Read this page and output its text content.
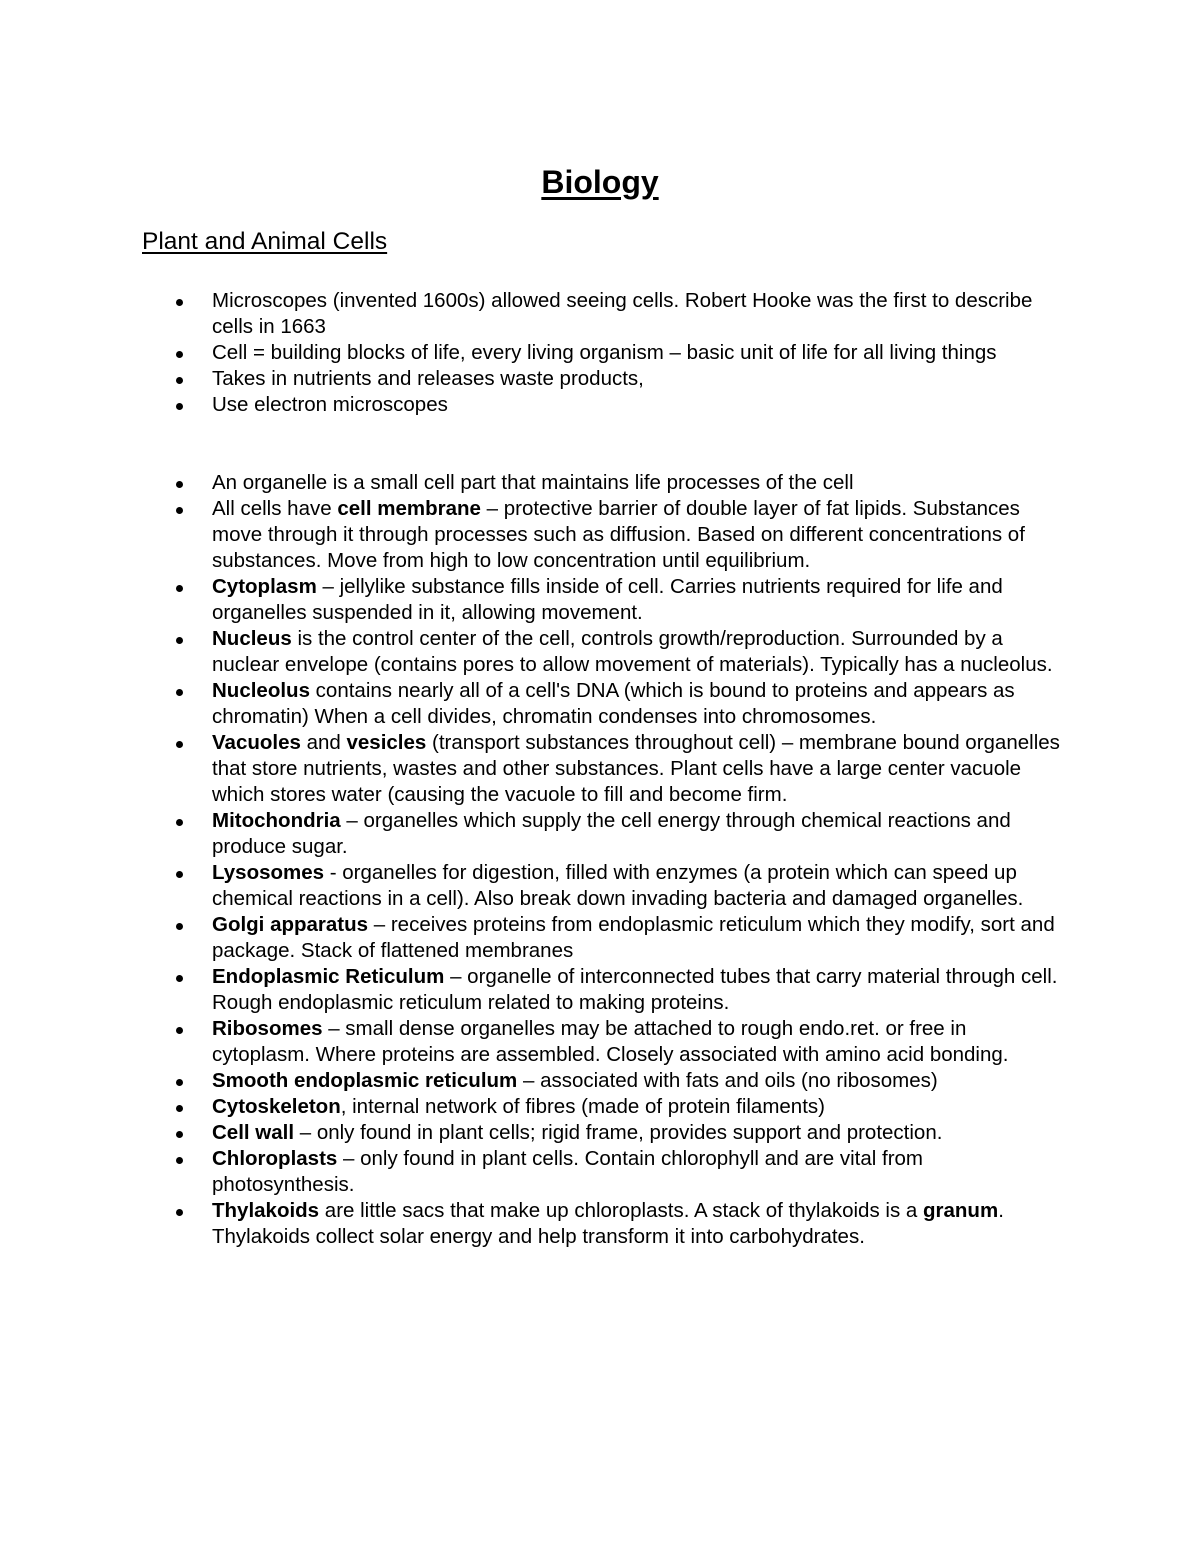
Biology
Plant and Animal Cells
Microscopes (invented 1600s) allowed seeing cells. Robert Hooke was the first to describe cells in 1663
Cell = building blocks of life, every living organism – basic unit of life for all living things
Takes in nutrients and releases waste products,
Use electron microscopes
An organelle is a small cell part that maintains life processes of the cell
All cells have cell membrane – protective barrier of double layer of fat lipids. Substances move through it through processes such as diffusion. Based on different concentrations of substances. Move from high to low concentration until equilibrium.
Cytoplasm – jellylike substance fills inside of cell. Carries nutrients required for life and organelles suspended in it, allowing movement.
Nucleus is the control center of the cell, controls growth/reproduction. Surrounded by a nuclear envelope (contains pores to allow movement of materials). Typically has a nucleolus.
Nucleolus contains nearly all of a cell's DNA (which is bound to proteins and appears as chromatin) When a cell divides, chromatin condenses into chromosomes.
Vacuoles and vesicles (transport substances throughout cell) – membrane bound organelles that store nutrients, wastes and other substances. Plant cells have a large center vacuole which stores water (causing the vacuole to fill and become firm.
Mitochondria – organelles which supply the cell energy through chemical reactions and produce sugar.
Lysosomes - organelles for digestion, filled with enzymes (a protein which can speed up chemical reactions in a cell). Also break down invading bacteria and damaged organelles.
Golgi apparatus – receives proteins from endoplasmic reticulum which they modify, sort and package. Stack of flattened membranes
Endoplasmic Reticulum – organelle of interconnected tubes that carry material through cell. Rough endoplasmic reticulum related to making proteins.
Ribosomes – small dense organelles may be attached to rough endo.ret. or free in cytoplasm. Where proteins are assembled. Closely associated with amino acid bonding.
Smooth endoplasmic reticulum – associated with fats and oils (no ribosomes)
Cytoskeleton, internal network of fibres (made of protein filaments)
Cell wall – only found in plant cells; rigid frame, provides support and protection.
Chloroplasts – only found in plant cells. Contain chlorophyll and are vital from photosynthesis.
Thylakoids are little sacs that make up chloroplasts. A stack of thylakoids is a granum. Thylakoids collect solar energy and help transform it into carbohydrates.
